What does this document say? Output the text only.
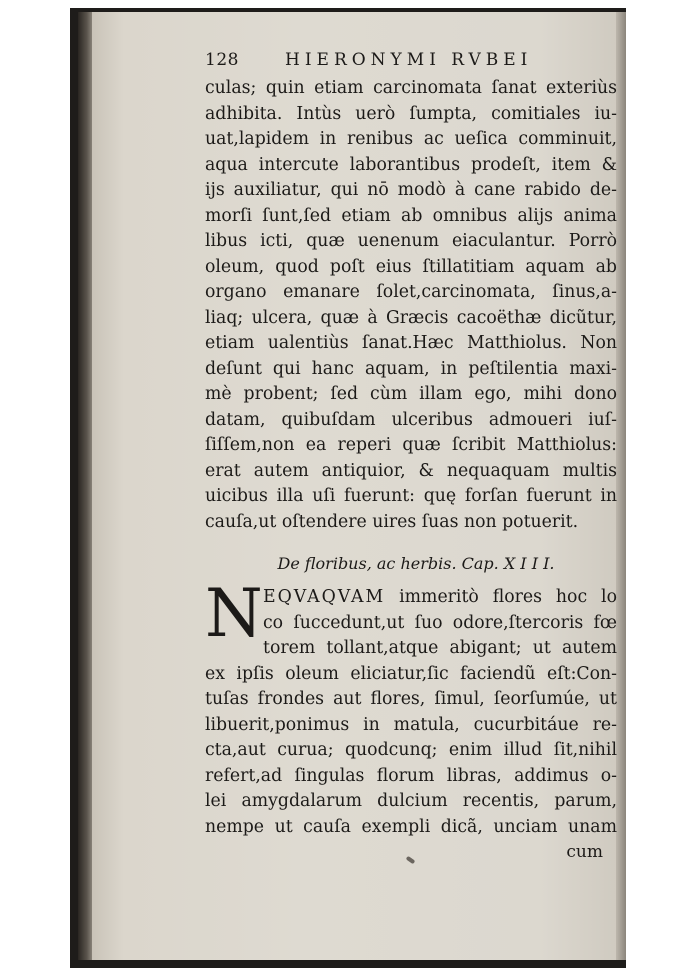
128	HIERONYMI RVBEI
culas; quin etiam carcinomata ſanat exteriùs
adhibita. Intùs uerò ſumpta, comitiales iu-
uat,lapidem in renibus ac ueſica comminuit,
aqua intercute laborantibus prodeſt, item &
ijs auxiliatur, qui nō modò à cane rabido de-
morſi ſunt,ſed etiam ab omnibus alijs anima
libus icti, quæ uenenum eiaculantur. Porrò
oleum, quod poſt eius ſtillatitiam aquam ab
organo emanare ſolet,carcinomata, ſinus,a-
liaq; ulcera, quæ à Græcis cacoëthæ dicũtur,
etiam ualentiùs ſanat.Hæc Matthiolus. Non
deſunt qui hanc aquam, in peſtilentia maxi-
mè probent; ſed cùm illam ego, mihi dono
datam, quibuſdam ulceribus admoueri iuſ-
ſiſſem,non ea reperi quæ ſcribit Matthiolus:
erat autem antiquior, & nequaquam multis
uicibus illa uſi fuerunt: quę forſan fuerunt in
cauſa,ut oſtendere uires ſuas non potuerit.
De floribus, ac herbis. Cap. X I I I.
N EQVAQVAM immeritò flores hoc lo
co ſuccedunt,ut ſuo odore,ſtercoris fœ
torem tollant,atque abigant; ut autem
ex ipſis oleum eliciatur,ſic faciendũ eſt:Con-
tuſas frondes aut flores, ſimul, ſeorſumúe, ut
libuerit,ponimus in matula, cucurbitáue re-
cta,aut curua; quodcunq; enim illud ſit,nihil
refert,ad ſingulas florum libras, addimus o-
lei amygdalarum dulcium recentis, parum,
nempe ut cauſa exempli dicã, unciam unam
cum
